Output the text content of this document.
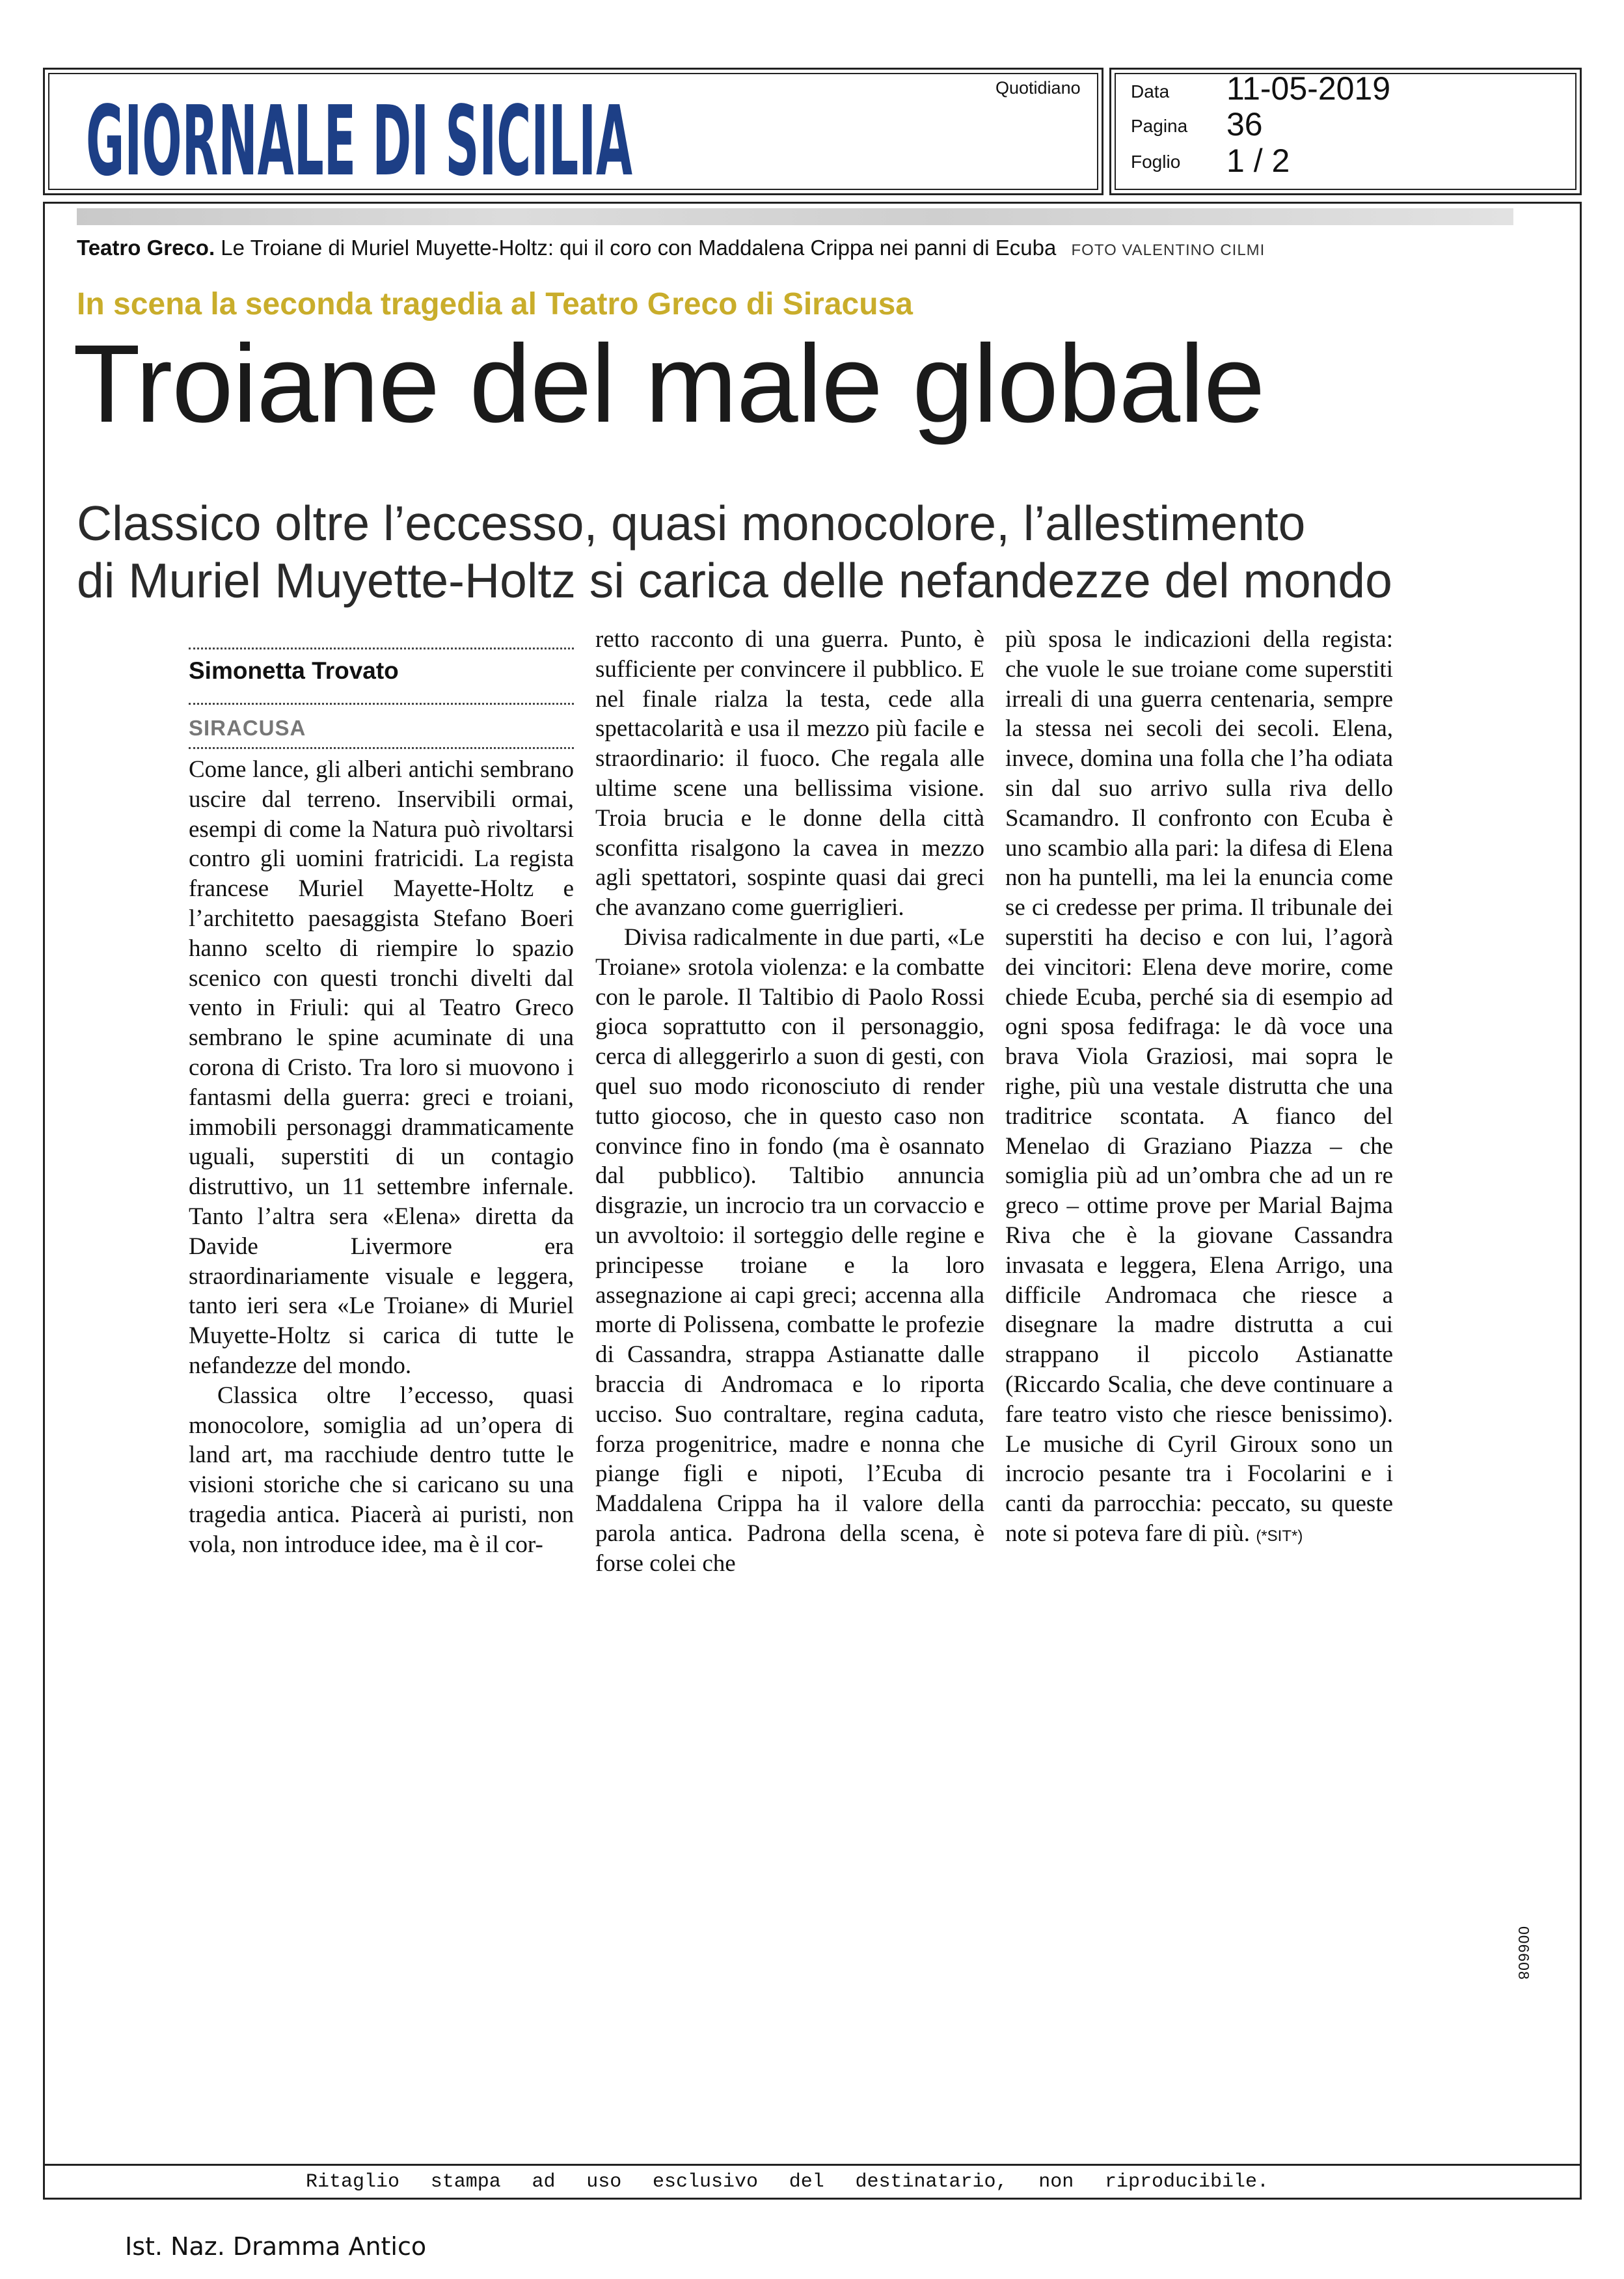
GIORNALE DI SICILIA	Quotidiano	Data 11-05-2019
Pagina 36
Foglio 1 / 2
Teatro Greco. Le Troiane di Muriel Muyette-Holtz: qui il coro con Maddalena Crippa nei panni di Ecuba FOTO VALENTINO CILMI
In scena la seconda tragedia al Teatro Greco di Siracusa
Troiane del male globale
Classico oltre l’eccesso, quasi monocolore, l’allestimento
di Muriel Muyette-Holtz si carica delle nefandezze del mondo
Simonetta Trovato
SIRACUSA

Come lance, gli alberi antichi sembrano uscire dal terreno. Inservibili ormai, esempi di come la Natura può rivoltarsi contro gli uomini fratricidi. La regista francese Muriel Mayette-Holtz e l’architetto paesaggista Stefano Boeri hanno scelto di riempire lo spazio scenico con questi tronchi divelti dal vento in Friuli: qui al Teatro Greco sembrano le spine acuminate di una corona di Cristo. Tra loro si muovono i fantasmi della guerra: greci e troiani, immobili personaggi drammaticamente uguali, superstiti di un contagio distruttivo, un 11 settembre infernale. Tanto l’altra sera «Elena» diretta da Davide Livermore era straordinariamente visuale e leggera, tanto ieri sera «Le Troiane» di Muriel Muyette-Holtz si carica di tutte le nefandezze del mondo.

Classica oltre l’eccesso, quasi monocolore, somiglia ad un’opera di land art, ma racchiude dentro tutte le visioni storiche che si caricano su una tragedia antica. Piacerà ai puristi, non vola, non introduce idee, ma è il cor-

retto racconto di una guerra. Punto, è sufficiente per convincere il pubblico. E nel finale rialza la testa, cede alla spettacolarità e usa il mezzo più facile e straordinario: il fuoco. Che regala alle ultime scene una bellissima visione. Troia brucia e le donne della città sconfitta risalgono la cavea in mezzo agli spettatori, sospinte quasi dai greci che avanzano come guerriglieri.

Divisa radicalmente in due parti, «Le Troiane» srotola violenza: e la combatte con le parole. Il Taltibio di Paolo Rossi gioca soprattutto con il personaggio, cerca di alleggerirlo a suon di gesti, con quel suo modo riconosciuto di render tutto giocoso, che in questo caso non convince fino in fondo (ma è osannato dal pubblico). Taltibio annuncia disgrazie, un incrocio tra un corvaccio e un avvoltoio: il sorteggio delle regine e principesse troiane e la loro assegnazione ai capi greci; accenna alla morte di Polissena, combatte le profezie di Cassandra, strappa Astianatte dalle braccia di Andromaca e lo riporta ucciso. Suo contraltare, regina caduta, forza progenitrice, madre e nonna che piange figli e nipoti, l’Ecuba di Maddalena Crippa ha il valore della parola antica. Padrona della scena, è forse colei che

più sposa le indicazioni della regista: che vuole le sue troiane come superstiti irreali di una guerra centenaria, sempre la stessa nei secoli dei secoli. Elena, invece, domina una folla che l’ha odiata sin dal suo arrivo sulla riva dello Scamandro. Il confronto con Ecuba è uno scambio alla pari: la difesa di Elena non ha puntelli, ma lei la enuncia come se ci credesse per prima. Il tribunale dei superstiti ha deciso e con lui, l’agorà dei vincitori: Elena deve morire, come chiede Ecuba, perché sia di esempio ad ogni sposa fedifraga: le dà voce una brava Viola Graziosi, mai sopra le righe, più una vestale distrutta che una traditrice scontata. A fianco del Menelao di Graziano Piazza – che somiglia più ad un’ombra che ad un re greco – ottime prove per Marial Bajma Riva che è la giovane Cassandra invasata e leggera, Elena Arrigo, una difficile Andromaca che riesce a disegnare la madre distrutta a cui strappano il piccolo Astianatte (Riccardo Scalia, che deve continuare a fare teatro visto che riesce benissimo). Le musiche di Cyril Giroux sono un incrocio pesante tra i Focolarini e i canti da parrocchia: peccato, su queste note si poteva fare di più. (*SIT*)

006608
Ritaglio stampa ad uso esclusivo del destinatario, non riproducibile.
Ist. Naz. Dramma Antico
